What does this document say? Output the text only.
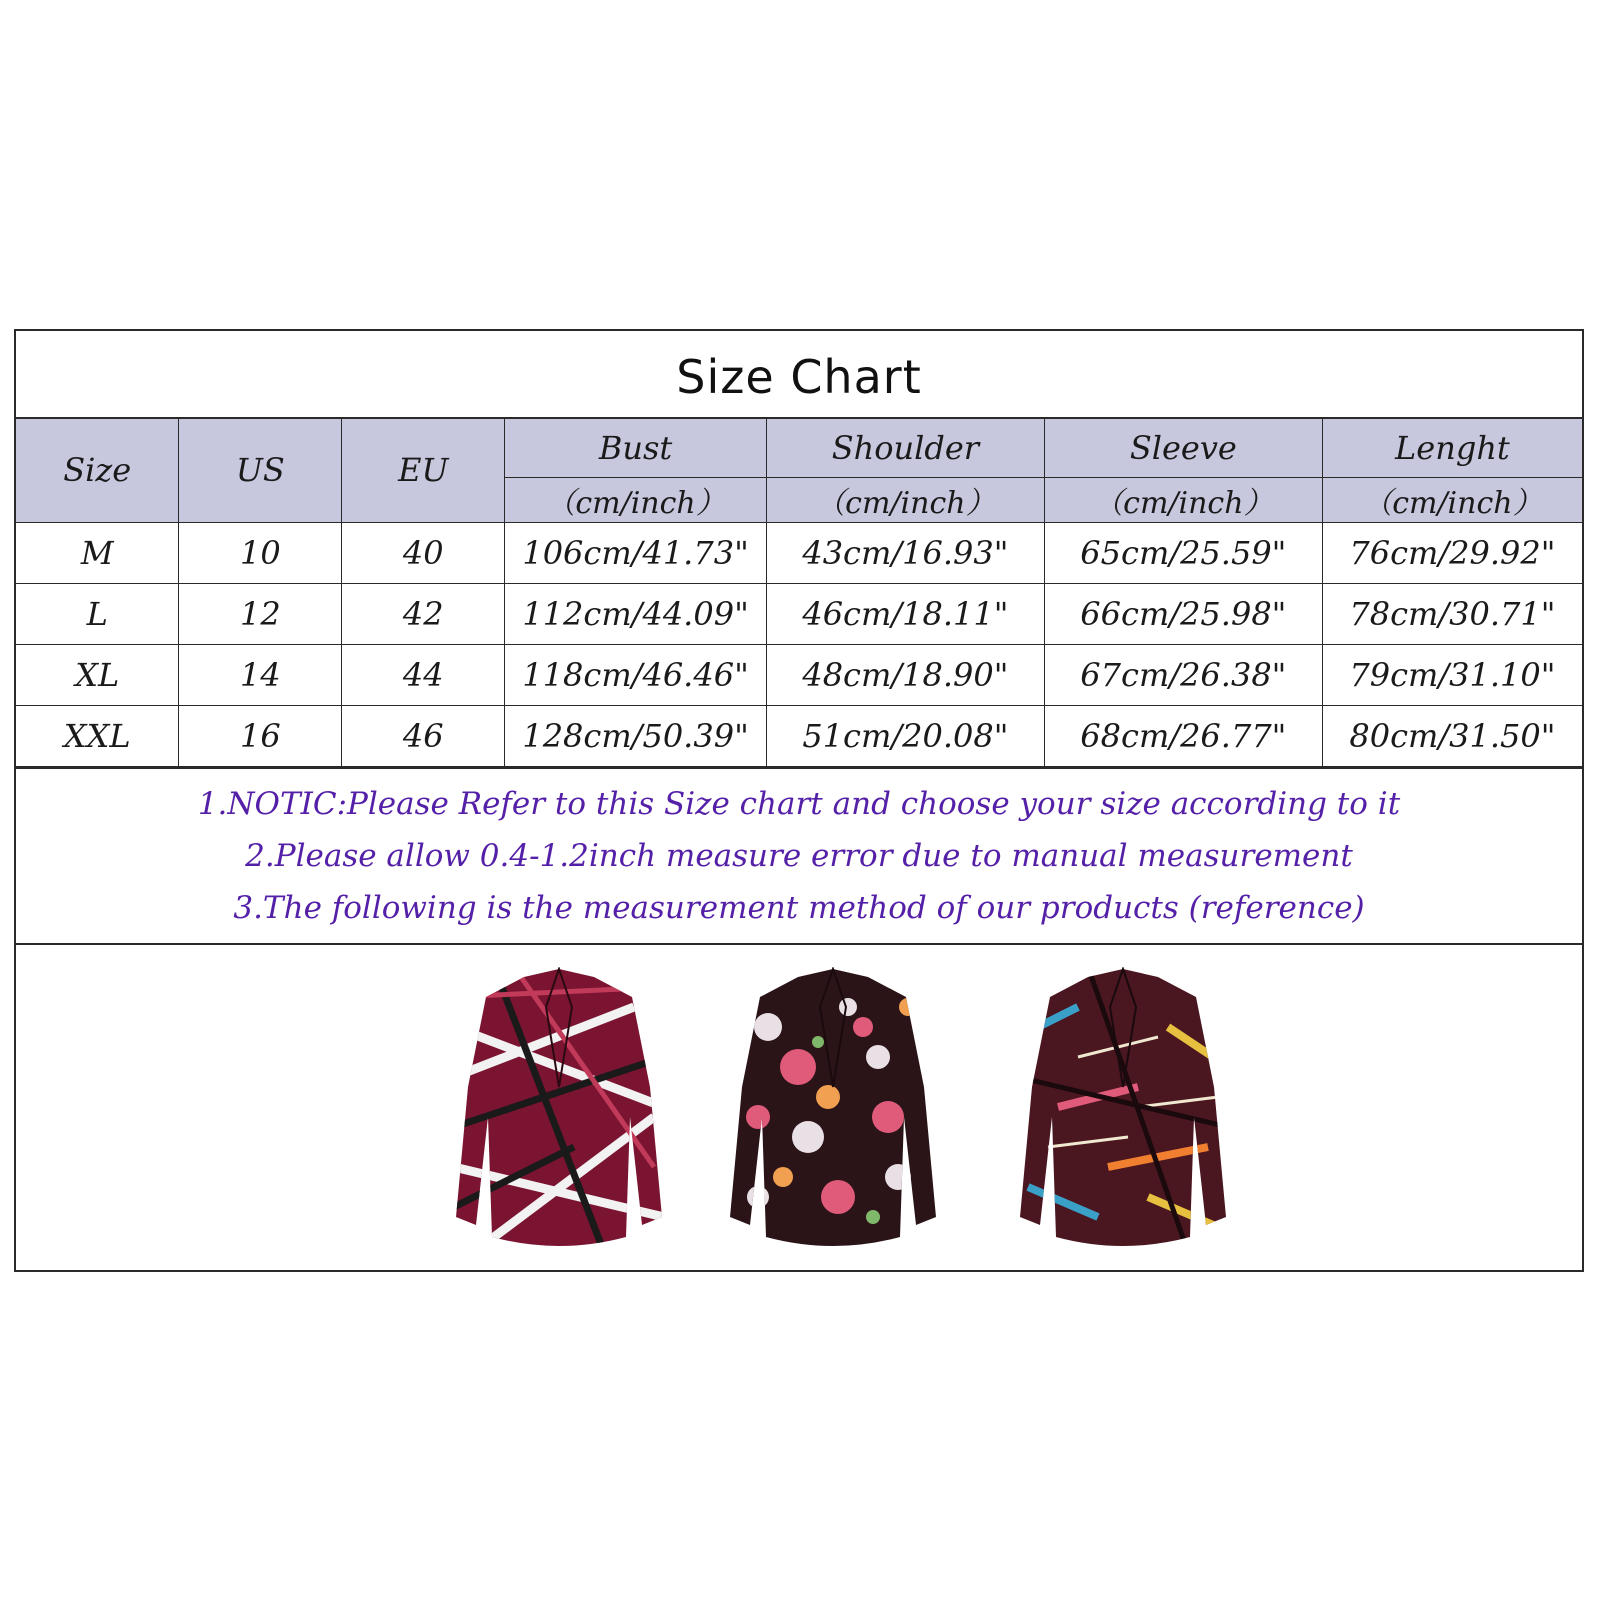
Size Chart
Size	US	EU	Bust	Shoulder	Sleeve	Lenght
			（cm/inch）	（cm/inch）	（cm/inch）	（cm/inch）
M	10	40	106cm/41.73"	43cm/16.93"	65cm/25.59"	76cm/29.92"
L	12	42	112cm/44.09"	46cm/18.11"	66cm/25.98"	78cm/30.71"
XL	14	44	118cm/46.46"	48cm/18.90"	67cm/26.38"	79cm/31.10"
XXL	16	46	128cm/50.39"	51cm/20.08"	68cm/26.77"	80cm/31.50"
1.NOTIC:Please Refer to this Size chart and choose your size according to it
2.Please allow 0.4-1.2inch measure error due to manual measurement
3.The following is the measurement method of our products (reference)
